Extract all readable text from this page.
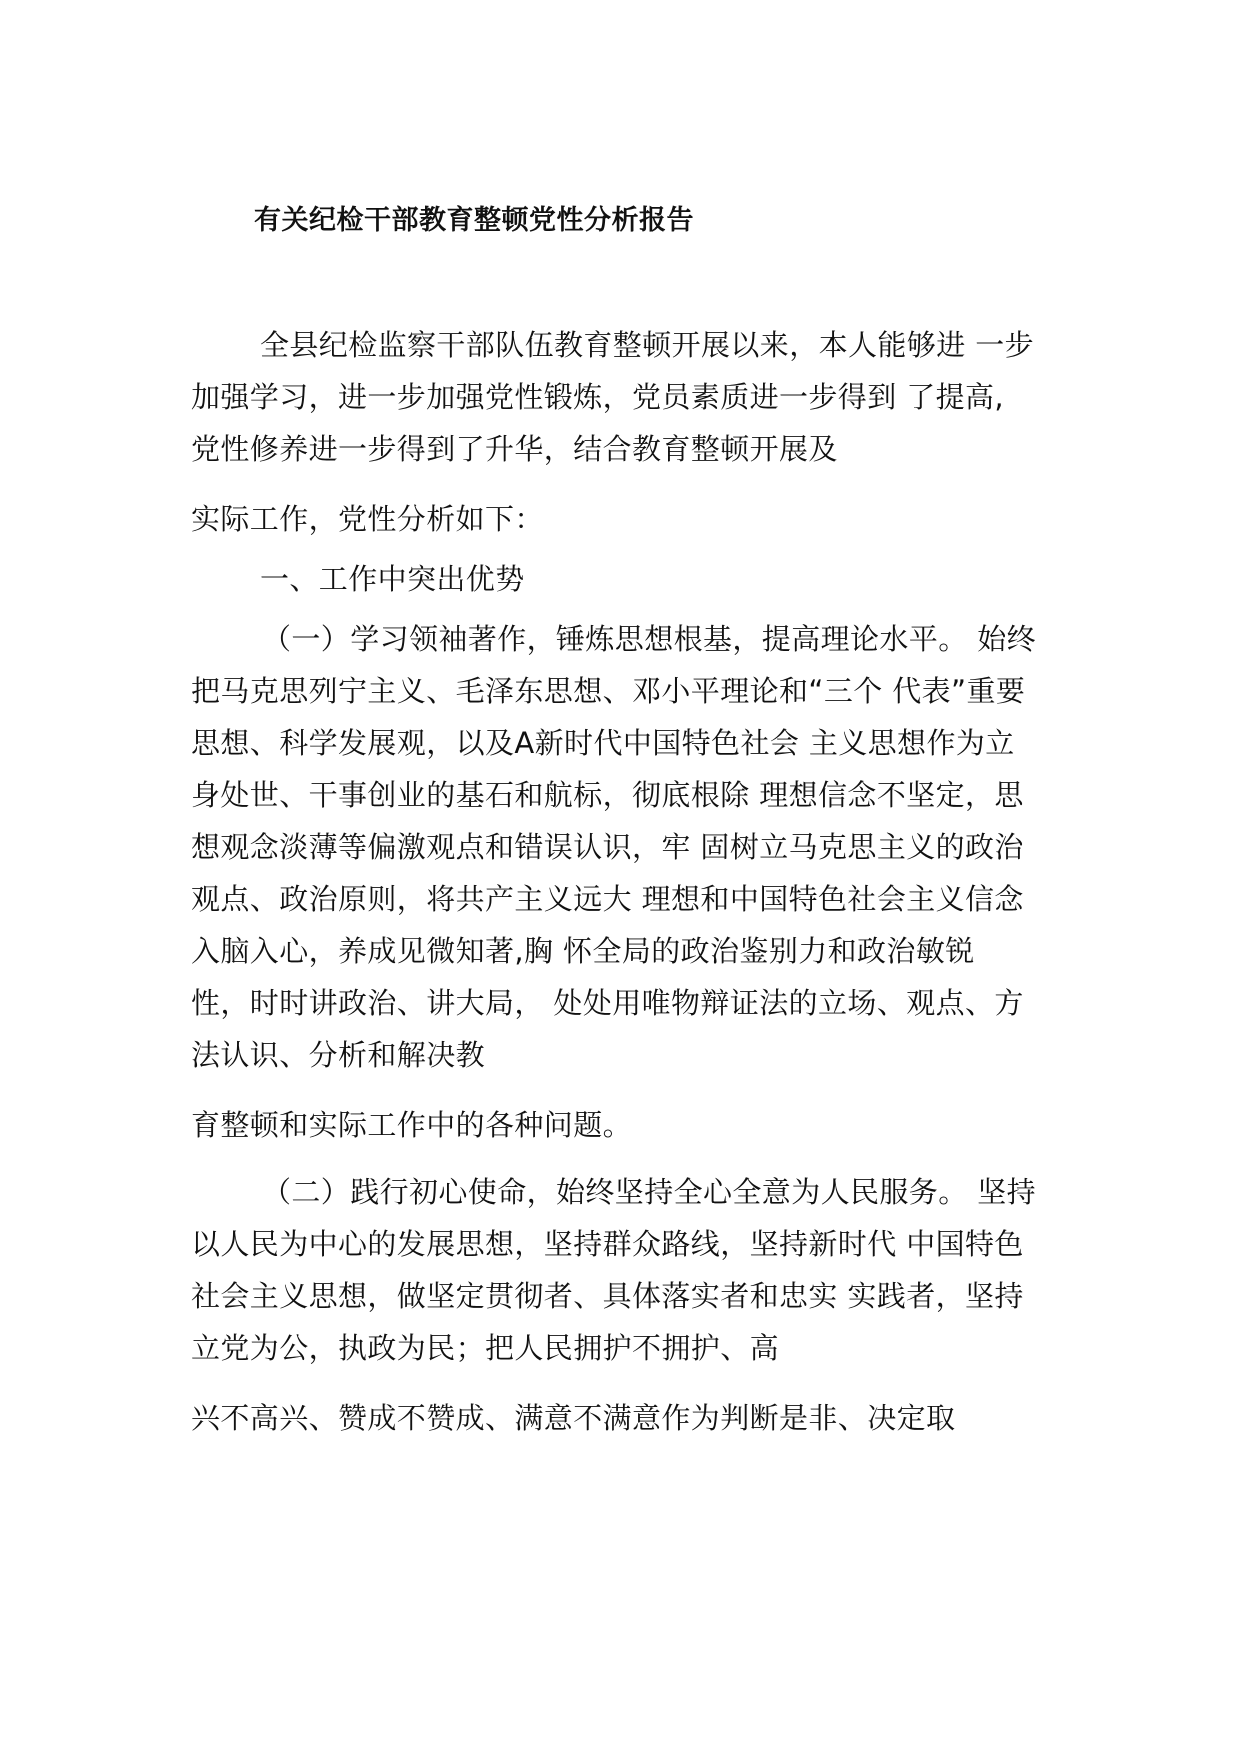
有关纪检干部教育整顿党性分析报告

全县纪检监察干部队伍教育整顿开展以来，本人能够进 一步

加强学习，进一步加强党性锻炼，党员素质进一步得到 了提高,

党性修养进一步得到了升华，结合教育整顿开展及

实际工作，党性分析如下：

一、工作中突出优势

（一）学习领袖著作，锤炼思想根基，提高理论水平。 始终

把马克思列宁主义、毛泽东思想、邓小平理论和“三个 代表”重要

思想、科学发展观，以及A新时代中国特色社会 主义思想作为立

身处世、干事创业的基石和航标，彻底根除 理想信念不坚定，思

想观念淡薄等偏激观点和错误认识，牢 固树立马克思主义的政治

观点、政治原则，将共产主义远大 理想和中国特色社会主义信念

入脑入心，养成见微知著,胸 怀全局的政治鉴别力和政治敏锐

性，时时讲政治、讲大局， 处处用唯物辩证法的立场、观点、方

法认识、分析和解决教

育整顿和实际工作中的各种问题。

（二）践行初心使命，始终坚持全心全意为人民服务。 坚持

以人民为中心的发展思想，坚持群众路线，坚持新时代 中国特色

社会主义思想，做坚定贯彻者、具体落实者和忠实 实践者，坚持

立党为公，执政为民；把人民拥护不拥护、高

兴不高兴、赞成不赞成、满意不满意作为判断是非、决定取
